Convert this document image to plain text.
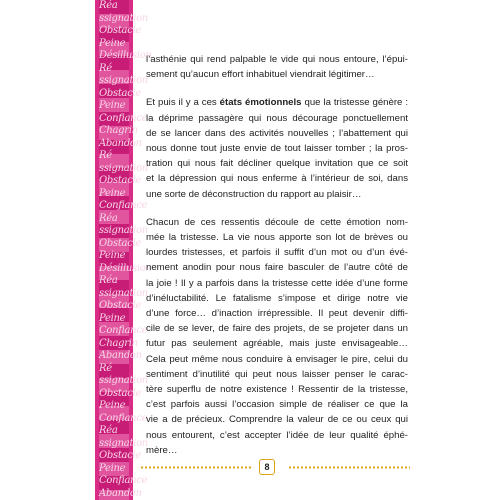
Réa
ssignation
Obstacle
Peine
Désillusion
Ré
ssignation
Obstacle
Peine
Confiance
Chagrin
Abandon
Ré
ssignation
Obstacle
Peine
Confiance
Réa
ssignation
Obstacle
Peine
Désillusion
Réa
ssignation
Obstacle
Peine
Confiance
Chagrin
Abandon
Ré
ssignation
Obstacle
Peine
Confiance
Réa
ssignation
Obstacle
Peine
Confiance
Abandon

l’asthénie qui rend palpable le vide qui nous entoure, l’épui-
sement qu’aucun effort inhabituel viendrait légitimer…

Et puis il y a ces états émotionnels que la tristesse génère :
la déprime passagère qui nous décourage ponctuellement
de se lancer dans des activités nouvelles ; l’abattement qui
nous donne tout juste envie de tout laisser tomber ; la pros-
tration qui nous fait décliner quelque invitation que ce soit
et la dépression qui nous enferme à l’intérieur de soi, dans
une sorte de déconstruction du rapport au plaisir…

Chacun de ces ressentis découle de cette émotion nom-
mée la tristesse. La vie nous apporte son lot de brèves ou
lourdes tristesses, et parfois il suffit d’un mot ou d’un évé-
nement anodin pour nous faire basculer de l’autre côté de
la joie ! Il y a parfois dans la tristesse cette idée d’une forme
d’inéluctabilité. Le fatalisme s’impose et dirige notre vie
d’une force… d’inaction irrépressible. Il peut devenir diffi-
cile de se lever, de faire des projets, de se projeter dans un
futur pas seulement agréable, mais juste envisageable…
Cela peut même nous conduire à envisager le pire, celui du
sentiment d’inutilité qui peut nous laisser penser le carac-
tère superflu de notre existence ! Ressentir de la tristesse,
c’est parfois aussi l’occasion simple de réaliser ce que la
vie a de précieux. Comprendre la valeur de ce ou ceux qui
nous entourent, c’est accepter l’idée de leur qualité éphé-
mère…

8
